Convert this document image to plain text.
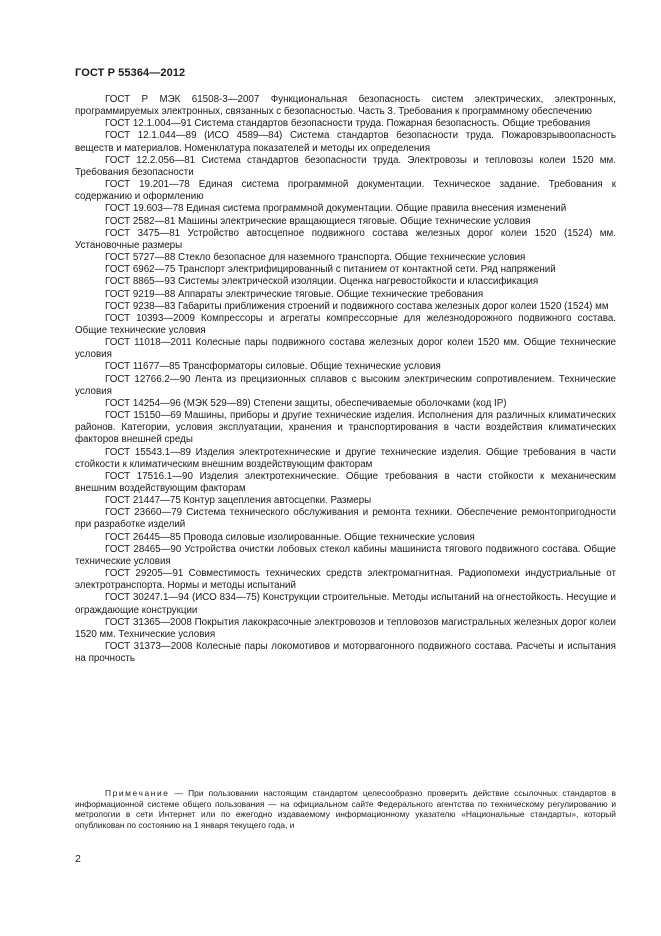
ГОСТ Р 55364—2012

ГОСТ Р МЭК 61508-3—2007 Функциональная безопасность систем электрических, электронных, программируемых электронных, связанных с безопасностью. Часть 3. Требования к программному обеспечению

ГОСТ 12.1.004—91 Система стандартов безопасности труда. Пожарная безопасность. Общие требования

ГОСТ 12.1.044—89 (ИСО 4589—84) Система стандартов безопасности труда. Пожаровзрывоопасность веществ и материалов. Номенклатура показателей и методы их определения

ГОСТ 12.2.056—81 Система стандартов безопасности труда. Электровозы и тепловозы колеи 1520 мм. Требования безопасности

ГОСТ 19.201—78 Единая система программной документации. Техническое задание. Требования к содержанию и оформлению

ГОСТ 19.603—78 Единая система программной документации. Общие правила внесения изменений

ГОСТ 2582—81 Машины электрические вращающиеся тяговые. Общие технические условия

ГОСТ 3475—81 Устройство автосцепное подвижного состава железных дорог колеи 1520 (1524) мм. Установочные размеры

ГОСТ 5727—88 Стекло безопасное для наземного транспорта. Общие технические условия

ГОСТ 6962—75 Транспорт электрифицированный с питанием от контактной сети. Ряд напряжений

ГОСТ 8865—93 Системы электрической изоляции. Оценка нагревостойкости и классификация

ГОСТ 9219—88 Аппараты электрические тяговые. Общие технические требования

ГОСТ 9238—83 Габариты приближения строений и подвижного состава железных дорог колеи 1520 (1524) мм

ГОСТ 10393—2009 Компрессоры и агрегаты компрессорные для железнодорожного подвижного состава. Общие технические условия

ГОСТ 11018—2011 Колесные пары подвижного состава железных дорог колеи 1520 мм. Общие технические условия

ГОСТ 11677—85 Трансформаторы силовые. Общие технические условия

ГОСТ 12766.2—90 Лента из прецизионных сплавов с высоким электрическим сопротивлением. Технические условия

ГОСТ 14254—96 (МЭК 529—89) Степени защиты, обеспечиваемые оболочками (код IP)

ГОСТ 15150—69 Машины, приборы и другие технические изделия. Исполнения для различных климатических районов. Категории, условия эксплуатации, хранения и транспортирования в части воздействия климатических факторов внешней среды

ГОСТ 15543.1—89 Изделия электротехнические и другие технические изделия. Общие требования в части стойкости к климатическим внешним воздействующим факторам

ГОСТ 17516.1—90 Изделия электротехнические. Общие требования в части стойкости к механическим внешним воздействующим факторам

ГОСТ 21447—75 Контур зацепления автосцепки. Размеры

ГОСТ 23660—79 Система технического обслуживания и ремонта техники. Обеспечение ремонтопригодности при разработке изделий

ГОСТ 26445—85 Провода силовые изолированные. Общие технические условия

ГОСТ 28465—90 Устройства очистки лобовых стекол кабины машиниста тягового подвижного состава. Общие технические условия

ГОСТ 29205—91 Совместимость технических средств электромагнитная. Радиопомехи индустриальные от электротранспорта. Нормы и методы испытаний

ГОСТ 30247.1—94 (ИСО 834—75) Конструкции строительные. Методы испытаний на огнестойкость. Несущие и ограждающие конструкции

ГОСТ 31365—2008 Покрытия лакокрасочные электровозов и тепловозов магистральных железных дорог колеи 1520 мм. Технические условия

ГОСТ 31373—2008 Колесные пары локомотивов и моторвагонного подвижного состава. Расчеты и испытания на прочность

Примечание — При пользовании настоящим стандартом целесообразно проверить действие ссылочных стандартов в информационной системе общего пользования — на официальном сайте Федерального агентства по техническому регулированию и метрологии в сети Интернет или по ежегодно издаваемому информационному указателю «Национальные стандарты», который опубликован по состоянию на 1 января текущего года, и

2
